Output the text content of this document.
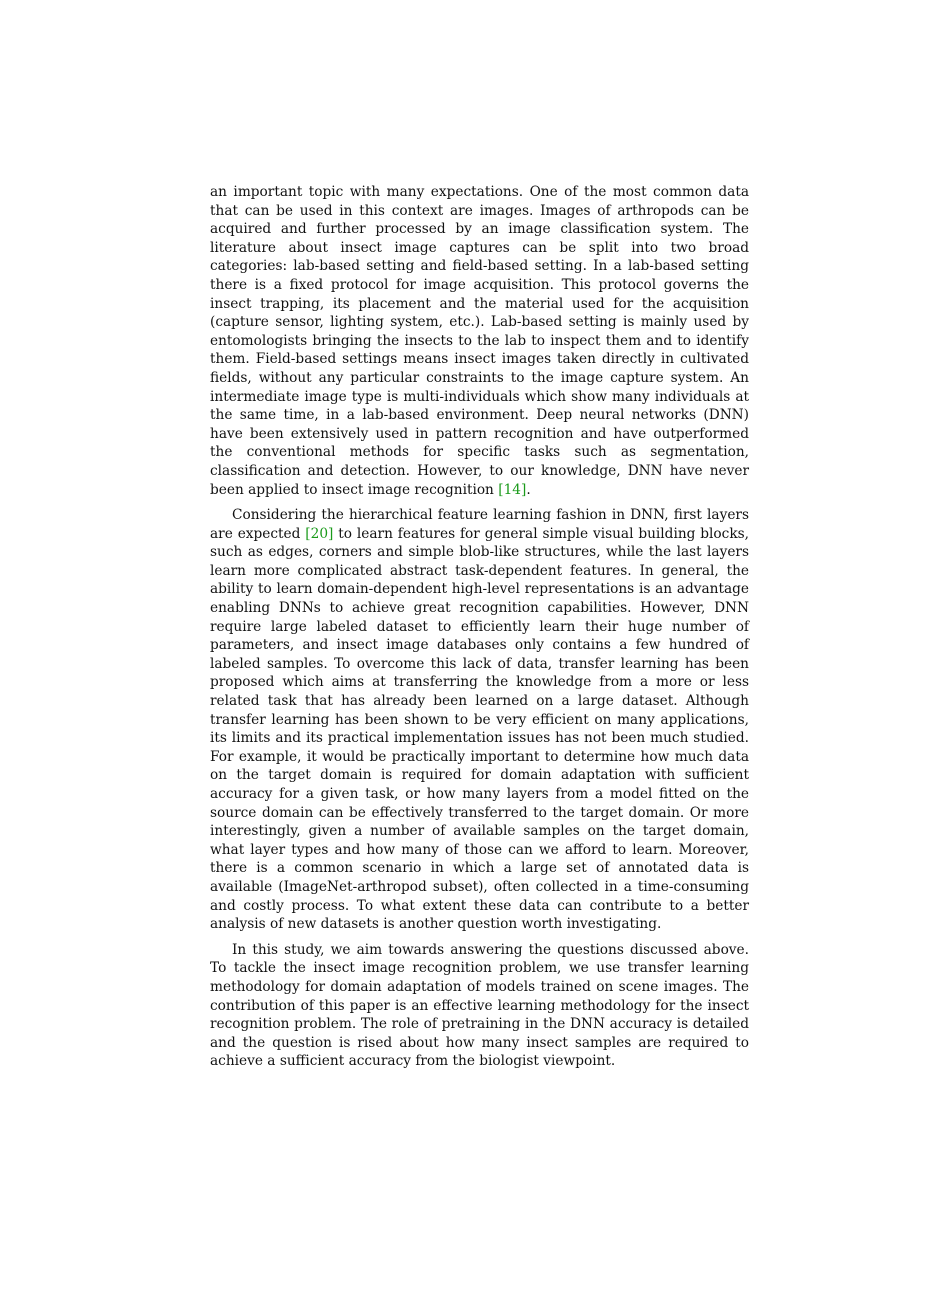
an important topic with many expectations. One of the most common data that can be used in this context are images. Images of arthropods can be acquired and further processed by an image classification system. The literature about insect image captures can be split into two broad categories: lab-based setting and field-based setting. In a lab-based setting there is a fixed protocol for image acquisition. This protocol governs the insect trapping, its placement and the material used for the acquisition (capture sensor, lighting system, etc.). Lab-based setting is mainly used by entomologists bringing the insects to the lab to inspect them and to identify them. Field-based settings means insect images taken directly in cultivated fields, without any particular constraints to the image capture system. An intermediate image type is multi-individuals which show many individuals at the same time, in a lab-based environment. Deep neural networks (DNN) have been extensively used in pattern recognition and have outperformed the conventional methods for specific tasks such as segmentation, classification and detection. However, to our knowledge, DNN have never been applied to insect image recognition [14].

Considering the hierarchical feature learning fashion in DNN, first layers are expected [20] to learn features for general simple visual building blocks, such as edges, corners and simple blob-like structures, while the last layers learn more complicated abstract task-dependent features. In general, the ability to learn domain-dependent high-level representations is an advantage enabling DNNs to achieve great recognition capabilities. However, DNN require large labeled dataset to efficiently learn their huge number of parameters, and insect image databases only contains a few hundred of labeled samples. To overcome this lack of data, transfer learning has been proposed which aims at transferring the knowledge from a more or less related task that has already been learned on a large dataset. Although transfer learning has been shown to be very efficient on many applications, its limits and its practical implementation issues has not been much studied. For example, it would be practically important to determine how much data on the target domain is required for domain adaptation with sufficient accuracy for a given task, or how many layers from a model fitted on the source domain can be effectively transferred to the target domain. Or more interestingly, given a number of available samples on the target domain, what layer types and how many of those can we afford to learn. Moreover, there is a common scenario in which a large set of annotated data is available (ImageNet-arthropod subset), often collected in a time-consuming and costly process. To what extent these data can contribute to a better analysis of new datasets is another question worth investigating.

In this study, we aim towards answering the questions discussed above. To tackle the insect image recognition problem, we use transfer learning methodology for domain adaptation of models trained on scene images. The contribution of this paper is an effective learning methodology for the insect recognition problem. The role of pretraining in the DNN accuracy is detailed and the question is rised about how many insect samples are required to achieve a sufficient accuracy from the biologist viewpoint.
